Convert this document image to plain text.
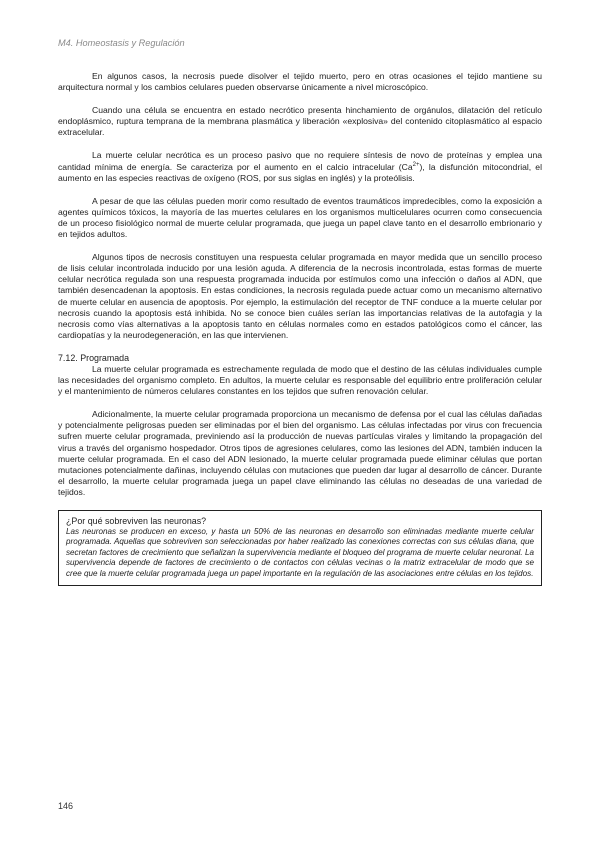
M4. Homeostasis y Regulación

En algunos casos, la necrosis puede disolver el tejido muerto, pero en otras ocasiones el tejido mantiene su arquitectura normal y los cambios celulares pueden observarse únicamente a nivel microscópico.

Cuando una célula se encuentra en estado necrótico presenta hinchamiento de orgánulos, dilatación del retículo endoplásmico, ruptura temprana de la membrana plasmática y liberación «explosiva» del contenido citoplasmático al espacio extracelular.

La muerte celular necrótica es un proceso pasivo que no requiere síntesis de novo de proteínas y emplea una cantidad mínima de energía. Se caracteriza por el aumento en el calcio intracelular $(Ca^{2+})$, la disfunción mitocondrial, el aumento en las especies reactivas de oxígeno (ROS, por sus siglas en inglés) y la proteólisis.

A pesar de que las células pueden morir como resultado de eventos traumáticos impredecibles, como la exposición a agentes químicos tóxicos, la mayoría de las muertes celulares en los organismos multicelulares ocurren como consecuencia de un proceso fisiológico normal de muerte celular programada, que juega un papel clave tanto en el desarrollo embrionario y en tejidos adultos.

Algunos tipos de necrosis constituyen una respuesta celular programada en mayor medida que un sencillo proceso de lisis celular incontrolada inducido por una lesión aguda. A diferencia de la necrosis incontrolada, estas formas de muerte celular necrótica regulada son una respuesta programada inducida por estímulos como una infección o daños al ADN, que también desencadenan la apoptosis. En estas condiciones, la necrosis regulada puede actuar como un mecanismo alternativo de muerte celular en ausencia de apoptosis. Por ejemplo, la estimulación del receptor de TNF conduce a la muerte celular por necrosis cuando la apoptosis está inhibida. No se conoce bien cuáles serían las importancias relativas de la autofagia y la necrosis como vías alternativas a la apoptosis tanto en células normales como en estados patológicos como el cáncer, las cardiopatías y la neurodegeneración, en las que intervienen.

7.12. Programada

La muerte celular programada es estrechamente regulada de modo que el destino de las células individuales cumple las necesidades del organismo completo. En adultos, la muerte celular es responsable del equilibrio entre proliferación celular y el mantenimiento de números celulares constantes en los tejidos que sufren renovación celular.

Adicionalmente, la muerte celular programada proporciona un mecanismo de defensa por el cual las células dañadas y potencialmente peligrosas pueden ser eliminadas por el bien del organismo. Las células infectadas por virus con frecuencia sufren muerte celular programada, previniendo así la producción de nuevas partículas virales y limitando la propagación del virus a través del organismo hospedador. Otros tipos de agresiones celulares, como las lesiones del ADN, también inducen la muerte celular programada. En el caso del ADN lesionado, la muerte celular programada puede eliminar células que portan mutaciones potencialmente dañinas, incluyendo células con mutaciones que pueden dar lugar al desarrollo de cáncer. Durante el desarrollo, la muerte celular programada juega un papel clave eliminando las células no deseadas de una variedad de tejidos.

¿Por qué sobreviven las neuronas?

Las neuronas se producen en exceso, y hasta un 50% de las neuronas en desarrollo son eliminadas mediante muerte celular programada. Aquellas que sobreviven son seleccionadas por haber realizado las conexiones correctas con sus células diana, que secretan factores de crecimiento que señalizan la supervivencia mediante el bloqueo del programa de muerte celular neuronal. La supervivencia depende de factores de crecimiento o de contactos con células vecinas o la matriz extracelular de modo que se cree que la muerte celular programada juega un papel importante en la regulación de las asociaciones entre células en los tejidos.

146
